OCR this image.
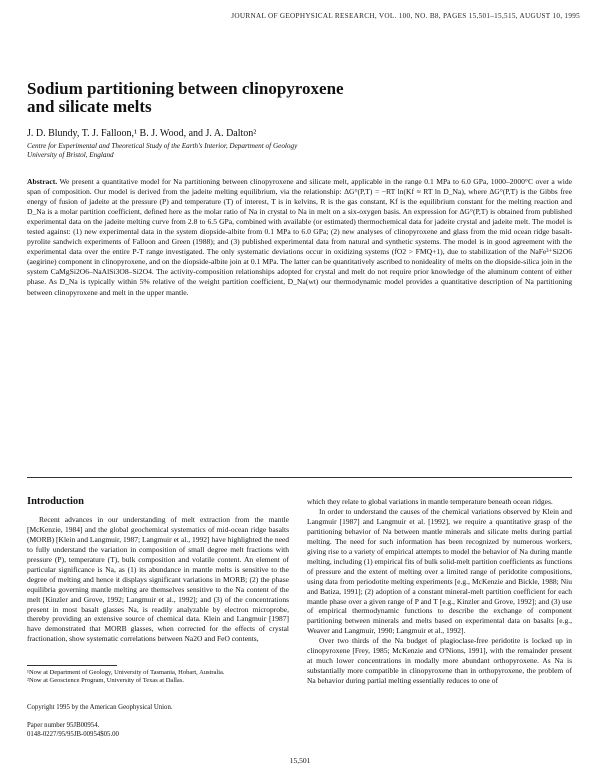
JOURNAL OF GEOPHYSICAL RESEARCH, VOL. 100, NO. B8, PAGES 15,501–15,515, AUGUST 10, 1995
Sodium partitioning between clinopyroxene
and silicate melts
J. D. Blundy, T. J. Falloon,¹ B. J. Wood, and J. A. Dalton²
Centre for Experimental and Theoretical Study of the Earth's Interior, Department of Geology
University of Bristol, England
Abstract. We present a quantitative model for Na partitioning between clinopyroxene and silicate melt, applicable in the range 0.1 MPa to 6.0 GPa, 1000–2000°C over a wide span of composition. Our model is derived from the jadeite melting equilibrium, via the relationship: ΔG°(P,T) = −RT ln(Kf ≈ RT ln D_Na), where ΔG°(P,T) is the Gibbs free energy of fusion of jadeite at the pressure (P) and temperature (T) of interest, T is in kelvins, R is the gas constant, Kf is the equilibrium constant for the melting reaction and D_Na is a molar partition coefficient, defined here as the molar ratio of Na in crystal to Na in melt on a six-oxygen basis. An expression for ΔG°(P,T) is obtained from published experimental data on the jadeite melting curve from 2.8 to 6.5 GPa, combined with available (or estimated) thermochemical data for jadeite crystal and jadeite melt. The model is tested against: (1) new experimental data in the system diopside-albite from 0.1 MPa to 6.0 GPa; (2) new analyses of clinopyroxene and glass from the mid ocean ridge basalt-pyrolite sandwich experiments of Falloon and Green (1988); and (3) published experimental data from natural and synthetic systems. The model is in good agreement with the experimental data over the entire P-T range investigated. The only systematic deviations occur in oxidizing systems (fO2 > FMQ+1), due to stabilization of the NaFe³⁺Si2O6 (aegirine) component in clinopyroxene, and on the diopside-albite join at 0.1 MPa. The latter can be quantitatively ascribed to nonideality of melts on the diopside-silica join in the system CaMgSi2O6–NaAlSi3O8–Si2O4. The activity-composition relationships adopted for crystal and melt do not require prior knowledge of the aluminum content of either phase. As D_Na is typically within 5% relative of the weight partition coefficient, D_Na(wt) our thermodynamic model provides a quantitative description of Na partitioning between clinopyroxene and melt in the upper mantle.
Introduction

Recent advances in our understanding of melt extraction from the mantle [McKenzie, 1984] and the global geochemical systematics of mid-ocean ridge basalts (MORB) [Klein and Langmuir, 1987; Langmuir et al., 1992] have highlighted the need to fully understand the variation in composition of small degree melt fractions with pressure (P), temperature (T), bulk composition and volatile content. An element of particular significance is Na, as (1) its abundance in mantle melts is sensitive to the degree of melting and hence it displays significant variations in MORB; (2) the phase equilibria governing mantle melting are themselves sensitive to the Na content of the melt [Kinzler and Grove, 1992; Langmuir et al., 1992]; and (3) of the concentrations present in most basalt glasses Na, is readily analyzable by electron microprobe, thereby providing an extensive source of chemical data. Klein and Langmuir [1987] have demonstrated that MORB glasses, when corrected for the effects of crystal fractionation, show systematic correlations between Na2O and FeO contents,

which they relate to global variations in mantle temperature beneath ocean ridges.

In order to understand the causes of the chemical variations observed by Klein and Langmuir [1987] and Langmuir et al. [1992], we require a quantitative grasp of the partitioning behavior of Na between mantle minerals and silicate melts during partial melting. The need for such information has been recognized by numerous workers, giving rise to a variety of empirical attempts to model the behavior of Na during mantle melting, including (1) empirical fits of bulk solid-melt partition coefficients as functions of pressure and the extent of melting over a limited range of peridotite compositions, using data from periodotite melting experiments [e.g., McKenzie and Bickle, 1988; Niu and Batiza, 1991]; (2) adoption of a constant mineral-melt partition coefficient for each mantle phase over a given range of P and T [e.g., Kinzler and Grove, 1992]; and (3) use of empirical thermodynamic functions to describe the exchange of component partitioning between minerals and melts based on experimental data on basalts [e.g., Weaver and Langmuir, 1990; Langmuir et al., 1992].

Over two thirds of the Na budget of plagioclase-free peridotite is locked up in clinopyroxene [Frey, 1985; McKenzie and O'Nions, 1991], with the remainder present at much lower concentrations in modally more abundant orthopyroxene. As Na is substantially more compatible in clinopyroxene than in orthopyroxene, the problem of Na behavior during partial melting essentially reduces to one of

¹Now at Department of Geology, University of Tasmania, Hobart, Australia.
²Now at Geoscience Program, University of Texas at Dallas.
Copyright 1995 by the American Geophysical Union.
Paper number 95JB00954.
0148-0227/95/95JB-00954$05.00
15,501
